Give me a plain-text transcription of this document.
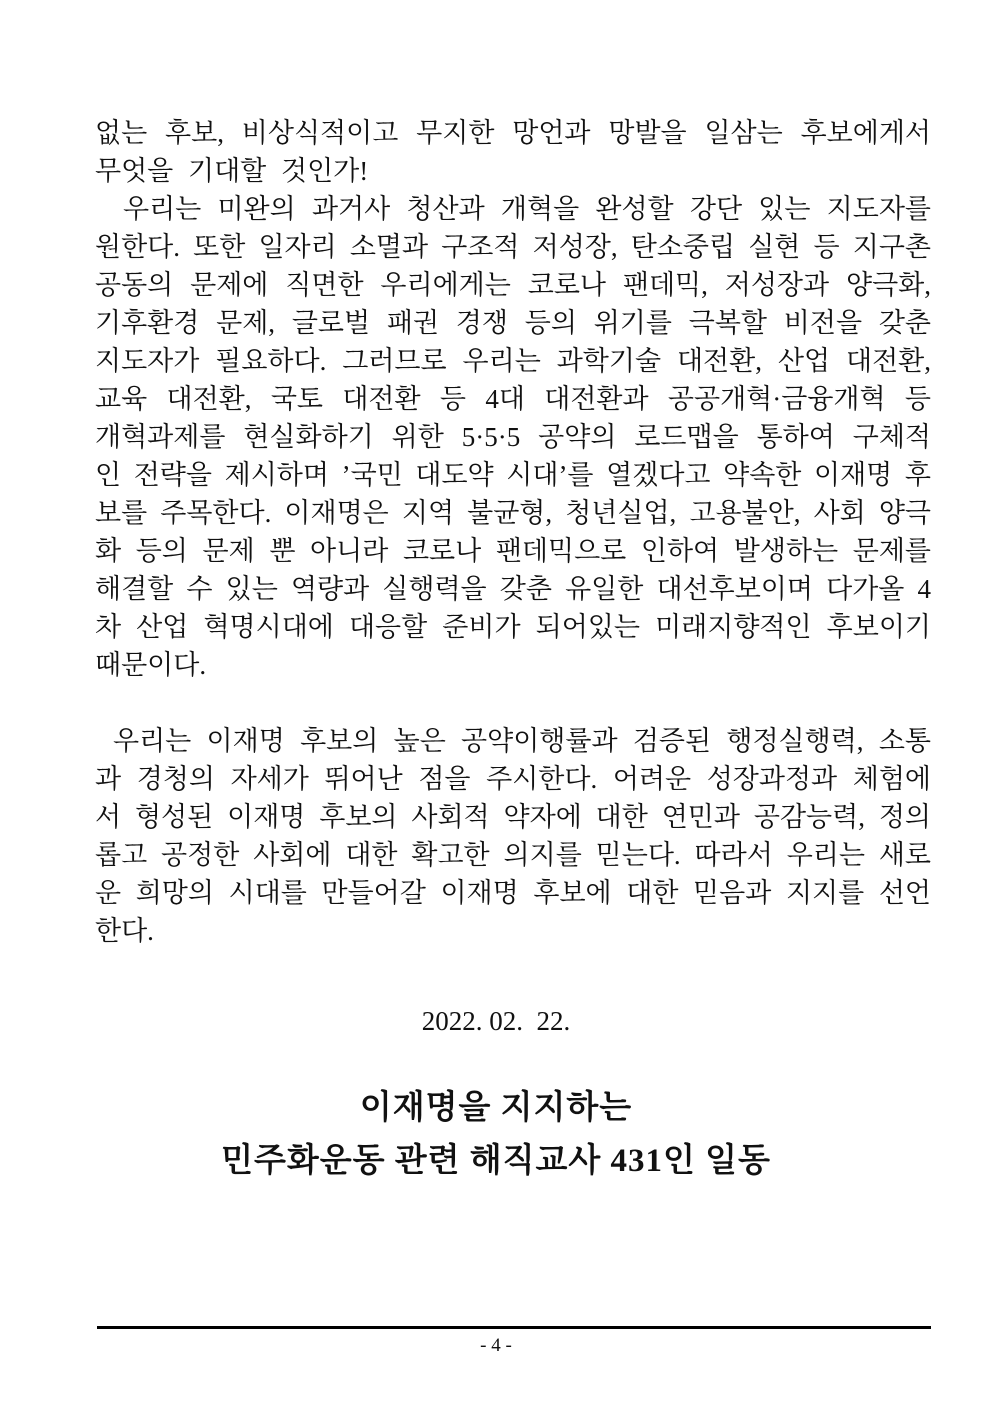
없는 후보, 비상식적이고 무지한 망언과 망발을 일삼는 후보에게서
무엇을 기대할 것인가!
우리는 미완의 과거사 청산과 개혁을 완성할 강단 있는 지도자를
원한다. 또한 일자리 소멸과 구조적 저성장, 탄소중립 실현 등 지구촌
공동의 문제에 직면한 우리에게는 코로나 팬데믹, 저성장과 양극화,
기후환경 문제, 글로벌 패권 경쟁 등의 위기를 극복할 비전을 갖춘
지도자가 필요하다. 그러므로 우리는 과학기술 대전환, 산업 대전환,
교육 대전환, 국토 대전환 등 4대 대전환과 공공개혁·금융개혁 등
개혁과제를 현실화하기 위한 5·5·5 공약의 로드맵을 통하여 구체적
인 전략을 제시하며 ’국민 대도약 시대’를 열겠다고 약속한 이재명 후
보를 주목한다. 이재명은 지역 불균형, 청년실업, 고용불안, 사회 양극
화 등의 문제 뿐 아니라 코로나 팬데믹으로 인하여 발생하는 문제를
해결할 수 있는 역량과 실행력을 갖춘 유일한 대선후보이며 다가올 4
차 산업 혁명시대에 대응할 준비가 되어있는 미래지향적인 후보이기
때문이다.
우리는 이재명 후보의 높은 공약이행률과 검증된 행정실행력, 소통
과 경청의 자세가 뛰어난 점을 주시한다. 어려운 성장과정과 체험에
서 형성된 이재명 후보의 사회적 약자에 대한 연민과 공감능력, 정의
롭고 공정한 사회에 대한 확고한 의지를 믿는다. 따라서 우리는 새로
운 희망의 시대를 만들어갈 이재명 후보에 대한 믿음과 지지를 선언
한다.
2022. 02.  22.
이재명을 지지하는
민주화운동 관련 해직교사 431인 일동
- 4 -
